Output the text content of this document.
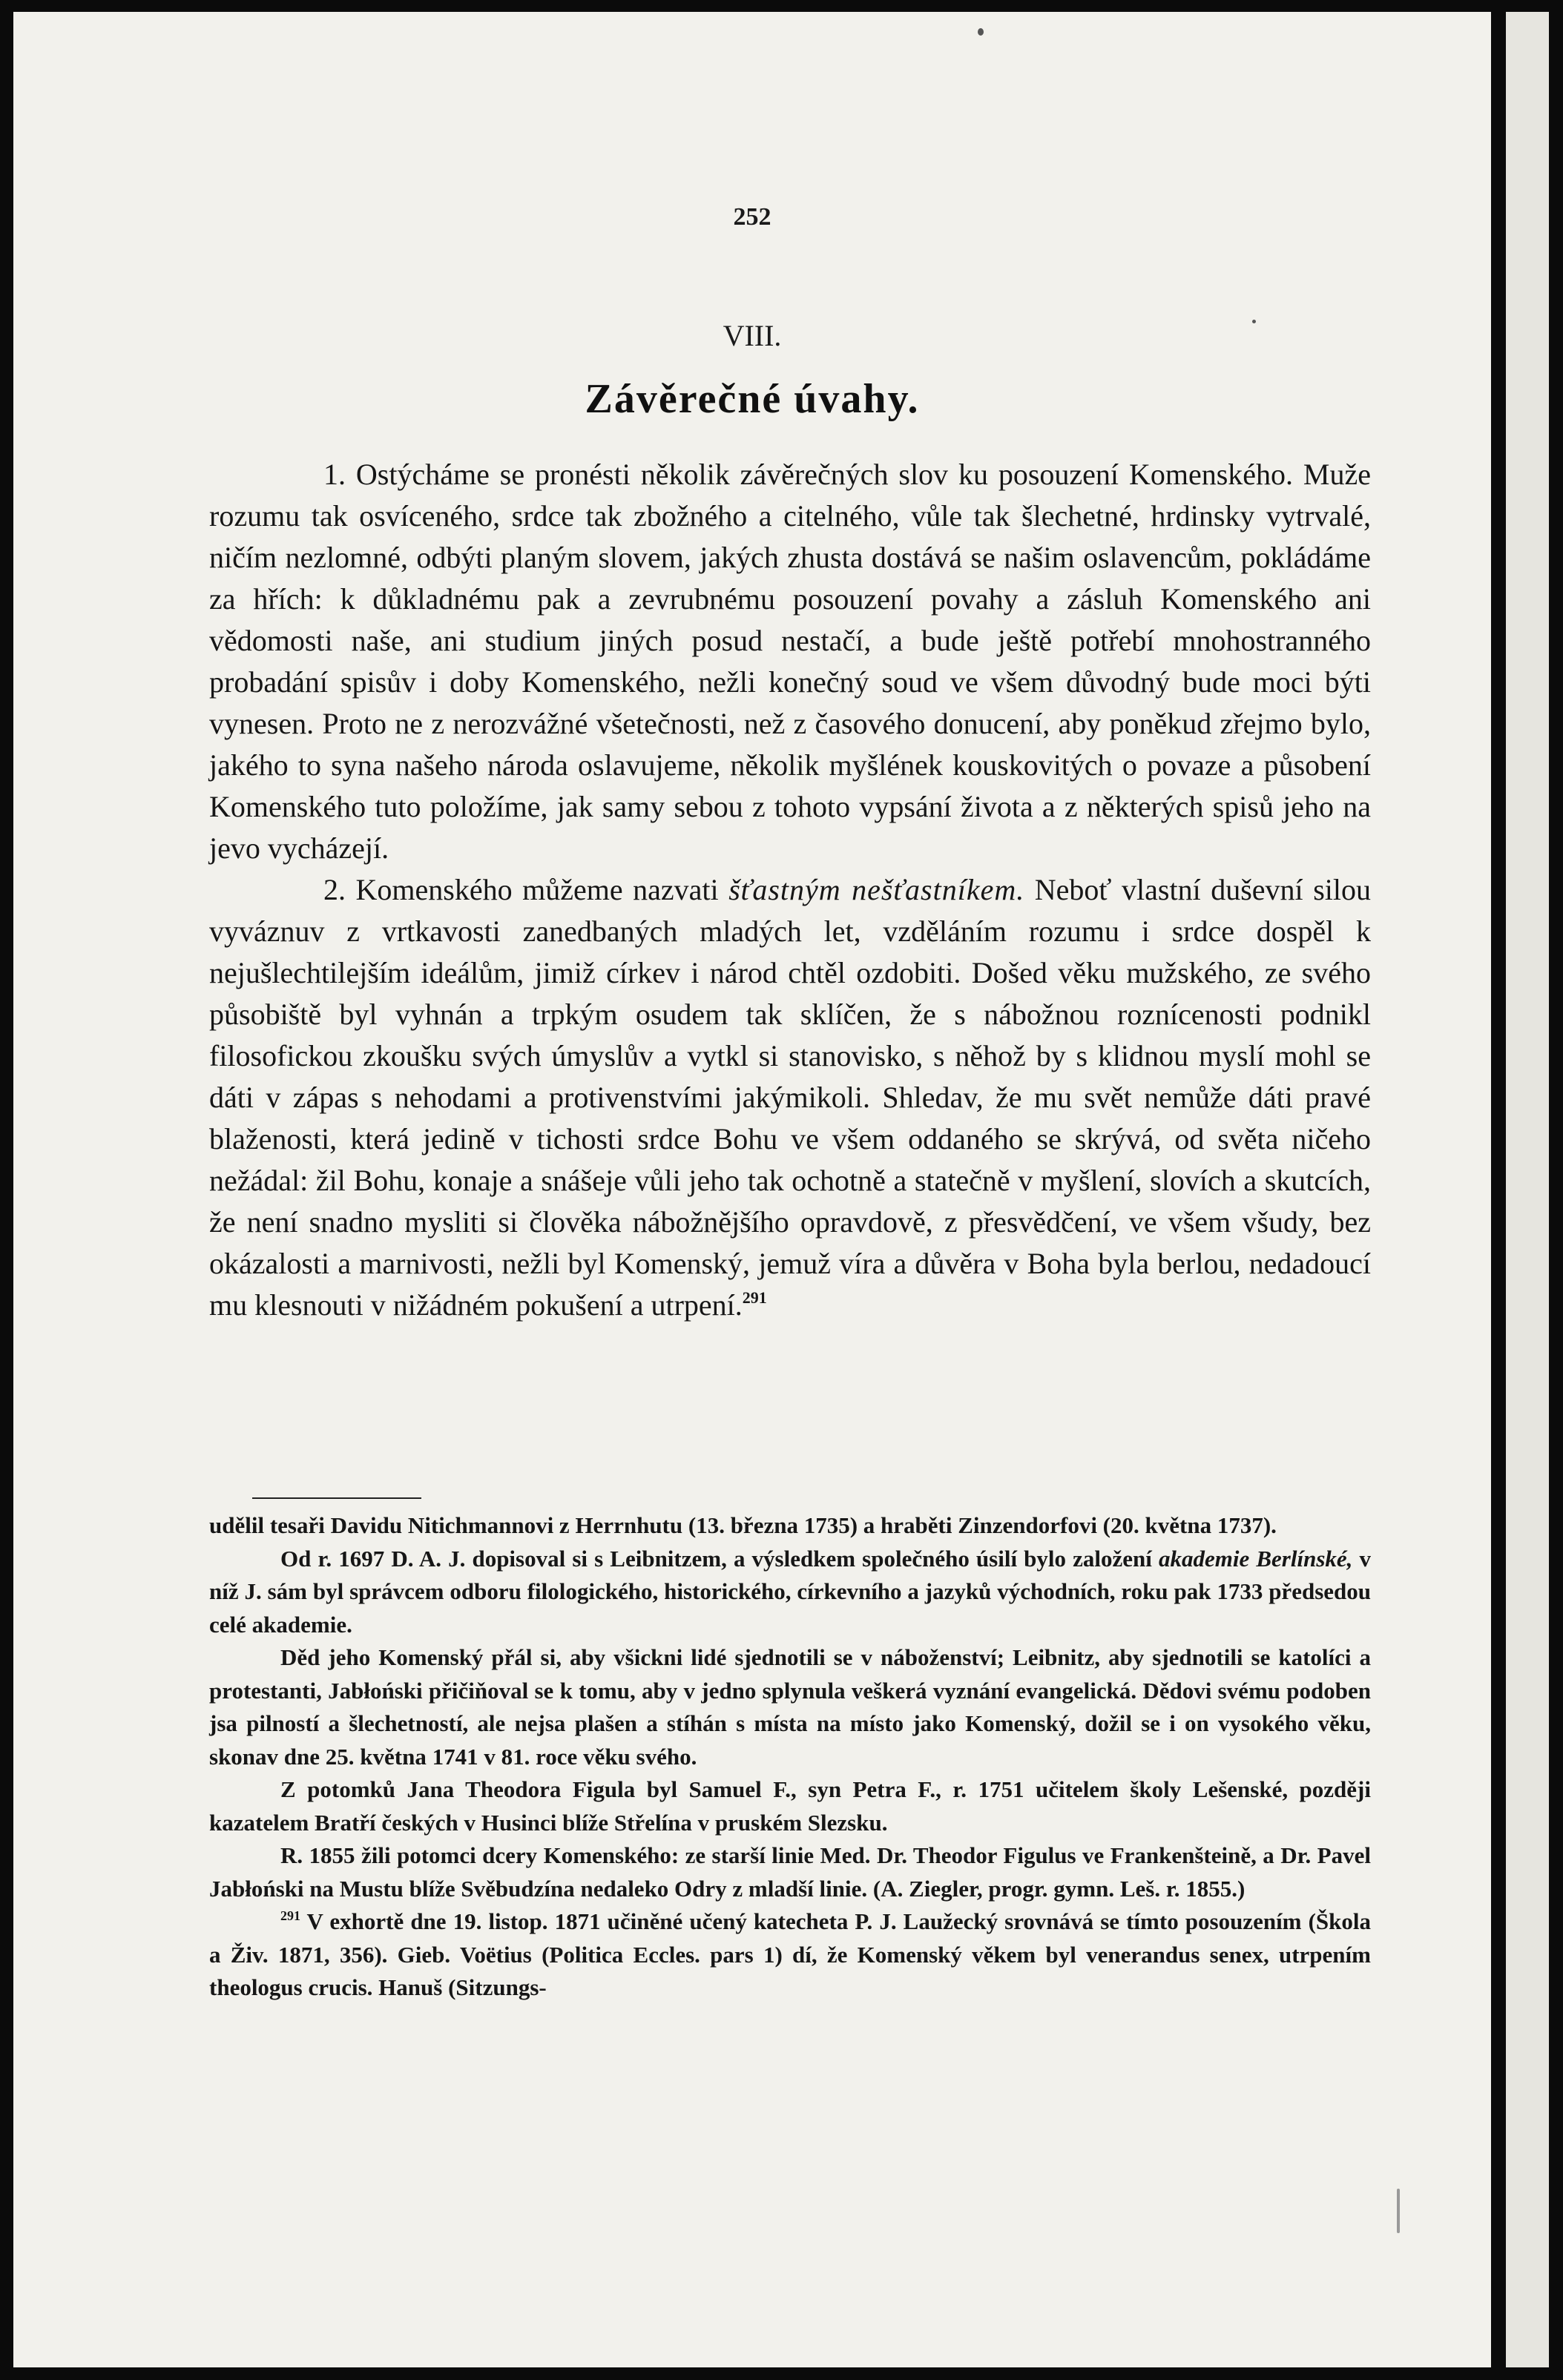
252

VIII.

Závěrečné úvahy.

1. Ostýcháme se pronésti několik závěrečných slov ku posouzení Komenského. Muže rozumu tak osvíceného, srdce tak zbožného a citelného, vůle tak šlechetné, hrdinsky vytrvalé, ničím nezlomné, odbýti planým slovem, jakých zhusta dostává se našim oslavencům, pokládáme za hřích: k důkladnému pak a zevrubnému posouzení povahy a zásluh Komenského ani vědomosti naše, ani studium jiných posud nestačí, a bude ještě potřebí mnohostranného probadání spisův i doby Komenského, nežli konečný soud ve všem důvodný bude moci býti vynesen. Proto ne z nerozvážné všetečnosti, než z časového donucení, aby poněkud zřejmo bylo, jakého to syna našeho národa oslavujeme, několik myšlének kouskovitých o povaze a působení Komenského tuto položíme, jak samy sebou z tohoto vypsání života a z některých spisů jeho na jevo vycházejí.

2. Komenského můžeme nazvati šťastným nešťastníkem. Neboť vlastní duševní silou vyváznuv z vrtkavosti zanedbaných mladých let, vzděláním rozumu i srdce dospěl k nejušlechtilejším ideálům, jimiž církev i národ chtěl ozdobiti. Došed věku mužského, ze svého působiště byl vyhnán a trpkým osudem tak sklíčen, že s nábožnou roznícenosti podnikl filosofickou zkoušku svých úmyslův a vytkl si stanovisko, s něhož by s klidnou myslí mohl se dáti v zápas s nehodami a protivenstvími jakýmikoli. Shledav, že mu svět nemůže dáti pravé blaženosti, která jedině v tichosti srdce Bohu ve všem oddaného se skrývá, od světa ničeho nežádal: žil Bohu, konaje a snášeje vůli jeho tak ochotně a statečně v myšlení, slovích a skutcích, že není snadno mysliti si člověka nábožnějšího opravdově, z přesvědčení, ve všem všudy, bez okázalosti a marnivosti, nežli byl Komenský, jemuž víra a důvěra v Boha byla berlou, nedadoucí mu klesnouti v nižádném pokušení a utrpení.$^{291}$

udělil tesaři Davidu Nitichmannovi z Herrnhutu (13. března 1735) a hraběti Zinzendorfovi (20. května 1737).

Od r. 1697 D. A. J. dopisoval si s Leibnitzem, a výsledkem společného úsilí bylo založení akademie Berlínské, v níž J. sám byl správcem odboru filologického, historického, církevního a jazyků východních, roku pak 1733 předsedou celé akademie.

Děd jeho Komenský přál si, aby všickni lidé sjednotili se v náboženství; Leibnitz, aby sjednotili se katolíci a protestanti, Jabłoński přičiňoval se k tomu, aby v jedno splynula veškerá vyznání evangelická. Dědovi svému podoben jsa pilností a šlechetností, ale nejsa plašen a stíhán s místa na místo jako Komenský, dožil se i on vysokého věku, skonav dne 25. května 1741 v 81. roce věku svého.

Z potomků Jana Theodora Figula byl Samuel F., syn Petra F., r. 1751 učitelem školy Lešenské, později kazatelem Bratří českých v Husinci blíže Střelína v pruském Slezsku.

R. 1855 žili potomci dcery Komenského: ze starší linie Med. Dr. Theodor Figulus ve Frankenšteině, a Dr. Pavel Jabłoński na Mustu blíže Svěbudzína nedaleko Odry z mladší linie. (A. Ziegler, progr. gymn. Leš. r. 1855.)

$^{291}$ V exhortě dne 19. listop. 1871 učiněné učený katecheta P. J. Laužecký srovnává se tímto posouzením (Škola a Živ. 1871, 356). Gieb. Voëtius (Politica Eccles. pars 1) dí, že Komenský věkem byl venerandus senex, utrpením theologus crucis. Hanuš (Sitzungs-
